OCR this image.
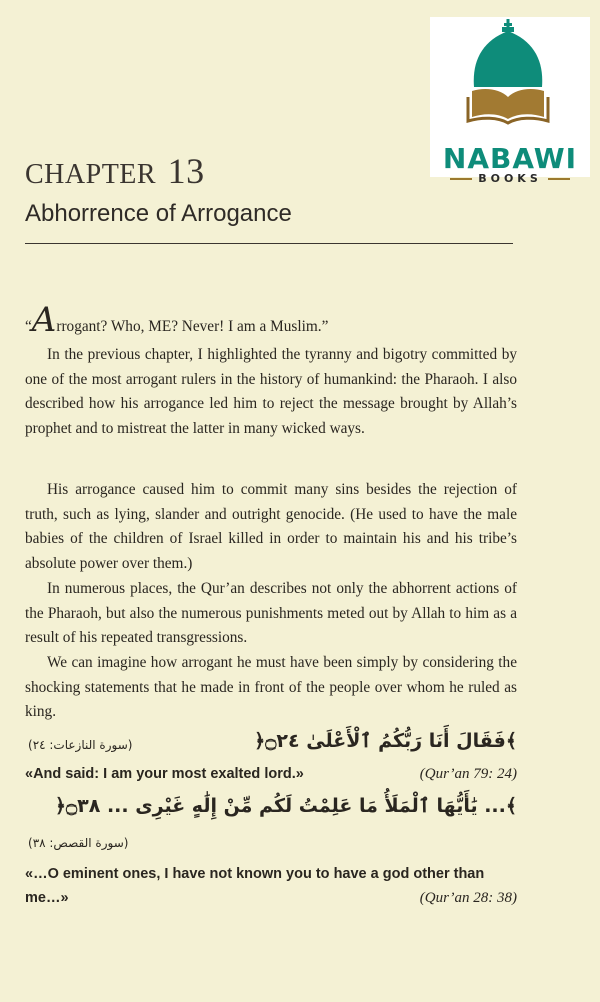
NABAWI
BOOKS
CHAPTER 13
Abhorrence of Arrogance
“Arrogant? Who, ME? Never! I am a Muslim.”
In the previous chapter, I highlighted the tyranny and bigotry committed by one of the most arrogant rulers in the history of humankind: the Pharaoh. I also described how his arrogance led him to reject the message brought by Allah’s prophet and to mistreat the latter in many wicked ways.
His arrogance caused him to commit many sins besides the rejection of truth, such as lying, slander and outright genocide. (He used to have the male babies of the children of Israel killed in order to maintain his and his tribe’s absolute power over them.)
In numerous places, the Qur’an describes not only the abhorrent actions of the Pharaoh, but also the numerous punishments meted out by Allah to him as a result of his repeated transgressions.
We can imagine how arrogant he must have been simply by considering the shocking statements that he made in front of the people over whom he ruled as king.
﴾فَقَالَ أَنَا رَبُّكُمُ ٱلْأَعْلَىٰ ۝٢٤﴿
(سورة النازعات: ٢٤)
(Qur’an 79: 24)
«And said: I am your most exalted lord.»
﴾... يَٰأَيُّهَا ٱلْمَلَأُ مَا عَلِمْتُ لَكُم مِّنْ إِلَٰهٍ غَيْرِى ... ۝٣٨﴿
(سورة القصص: ٣٨)
«…O eminent ones, I have not known you to have a god other than
(Qur’an 28: 38)
me…»
